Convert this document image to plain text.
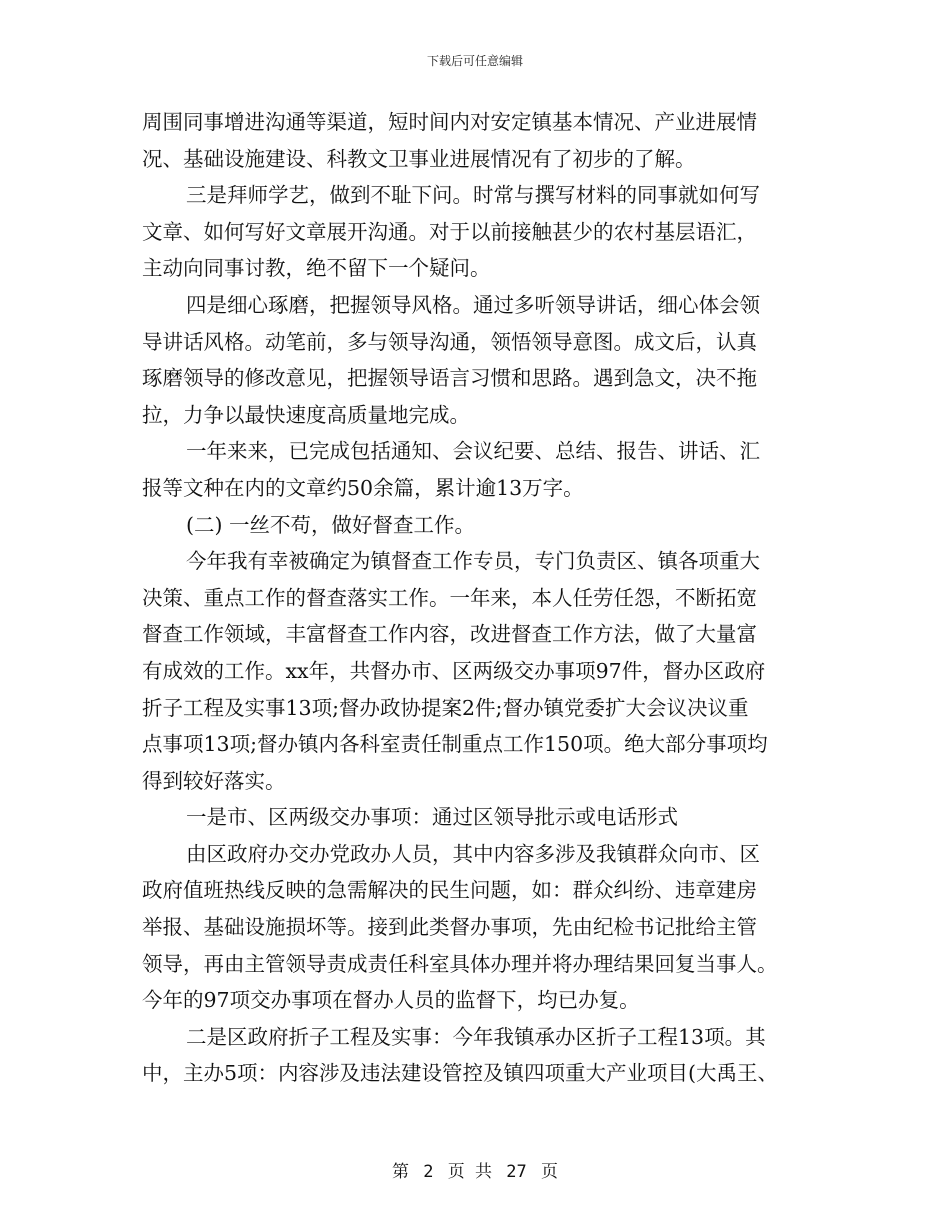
下载后可任意编辑
周围同事增进沟通等渠道，短时间内对安定镇基本情况、产业进展情
况、基础设施建设、科教文卫事业进展情况有了初步的了解。
三是拜师学艺，做到不耻下问。时常与撰写材料的同事就如何写
文章、如何写好文章展开沟通。对于以前接触甚少的农村基层语汇，
主动向同事讨教，绝不留下一个疑问。
四是细心琢磨，把握领导风格。通过多听领导讲话，细心体会领
导讲话风格。动笔前，多与领导沟通，领悟领导意图。成文后，认真
琢磨领导的修改意见，把握领导语言习惯和思路。遇到急文，决不拖
拉，力争以最快速度高质量地完成。
一年来来，已完成包括通知、会议纪要、总结、报告、讲话、汇
报等文种在内的文章约50余篇，累计逾13万字。
(二) 一丝不苟，做好督查工作。
今年我有幸被确定为镇督查工作专员，专门负责区、镇各项重大
决策、重点工作的督查落实工作。一年来，本人任劳任怨，不断拓宽
督查工作领域，丰富督查工作内容，改进督查工作方法，做了大量富
有成效的工作。xx年，共督办市、区两级交办事项97件，督办区政府
折子工程及实事13项;督办政协提案2件;督办镇党委扩大会议决议重
点事项13项;督办镇内各科室责任制重点工作150项。绝大部分事项均
得到较好落实。
一是市、区两级交办事项：通过区领导批示或电话形式
由区政府办交办党政办人员，其中内容多涉及我镇群众向市、区
政府值班热线反映的急需解决的民生问题，如：群众纠纷、违章建房
举报、基础设施损坏等。接到此类督办事项，先由纪检书记批给主管
领导，再由主管领导责成责任科室具体办理并将办理结果回复当事人。
今年的97项交办事项在督办人员的监督下，均已办复。
二是区政府折子工程及实事：今年我镇承办区折子工程13项。其
中，主办5项：内容涉及违法建设管控及镇四项重大产业项目(大禹王、
第 2 页 共 27 页
